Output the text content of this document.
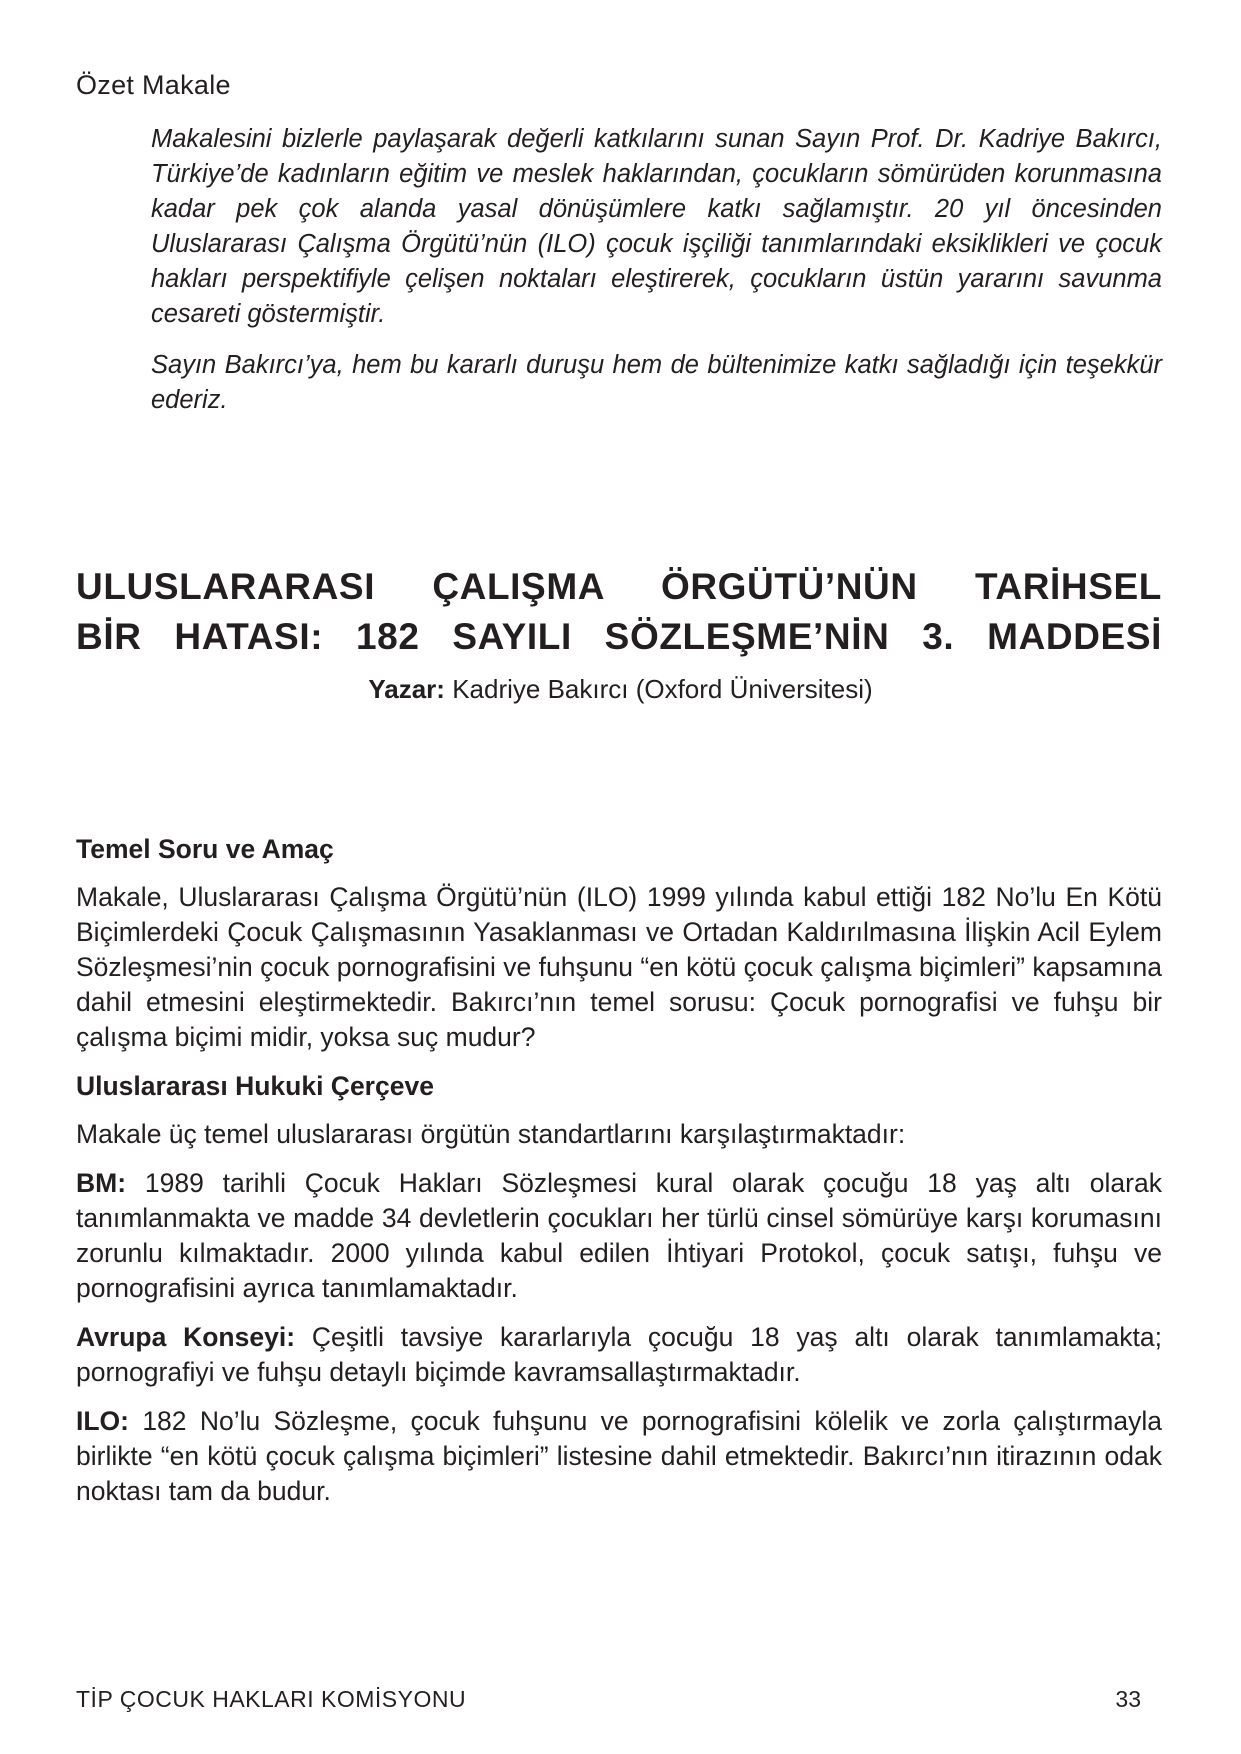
Özet Makale

Makalesini bizlerle paylaşarak değerli katkılarını sunan Sayın Prof. Dr. Kadriye Bakırcı, Türkiye’de kadınların eğitim ve meslek haklarından, çocukların sömürüden korunmasına kadar pek çok alanda yasal dönüşümlere katkı sağlamıştır. 20 yıl öncesinden Uluslararası Çalışma Örgütü’nün (ILO) çocuk işçiliği tanımlarındaki eksiklikleri ve çocuk hakları perspektifiyle çelişen noktaları eleştirerek, çocukların üstün yararını savunma cesareti göstermiştir.

Sayın Bakırcı’ya, hem bu kararlı duruşu hem de bültenimize katkı sağladığı için teşekkür ederiz.

ULUSLARARASI ÇALIŞMA ÖRGÜTÜ’NÜN TARİHSEL
BİR HATASI: 182 SAYILI SÖZLEŞME’NİN 3. MADDESİ
Yazar: Kadriye Bakırcı (Oxford Üniversitesi)
Temel Soru ve Amaç

Makale, Uluslararası Çalışma Örgütü’nün (ILO) 1999 yılında kabul ettiği 182 No’lu En Kötü Biçimlerdeki Çocuk Çalışmasının Yasaklanması ve Ortadan Kaldırılmasına İlişkin Acil Eylem Sözleşmesi’nin çocuk pornografisini ve fuhşunu “en kötü çocuk çalışma biçimleri” kapsamına dahil etmesini eleştirmektedir. Bakırcı’nın temel sorusu: Çocuk pornografisi ve fuhşu bir çalışma biçimi midir, yoksa suç mudur?

Uluslararası Hukuki Çerçeve

Makale üç temel uluslararası örgütün standartlarını karşılaştırmaktadır:

BM: 1989 tarihli Çocuk Hakları Sözleşmesi kural olarak çocuğu 18 yaş altı olarak tanımlanmakta ve madde 34 devletlerin çocukları her türlü cinsel sömürüye karşı korumasını zorunlu kılmaktadır. 2000 yılında kabul edilen İhtiyari Protokol, çocuk satışı, fuhşu ve pornografisini ayrıca tanımlamaktadır.

Avrupa Konseyi: Çeşitli tavsiye kararlarıyla çocuğu 18 yaş altı olarak tanımlamakta; pornografiyi ve fuhşu detaylı biçimde kavramsallaştırmaktadır.

ILO: 182 No’lu Sözleşme, çocuk fuhşunu ve pornografisini kölelik ve zorla çalıştırmayla birlikte “en kötü çocuk çalışma biçimleri” listesine dahil etmektedir. Bakırcı’nın itirazının odak noktası tam da budur.

TİP ÇOCUK HAKLARI KOMİSYONU	33
